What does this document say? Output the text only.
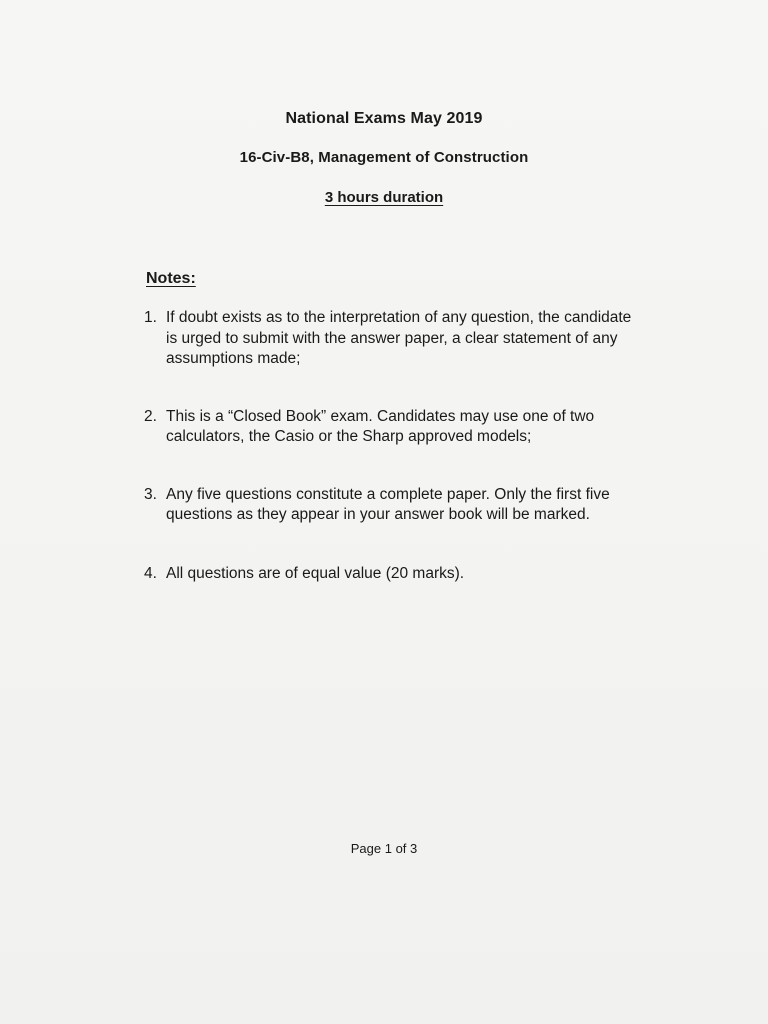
National Exams May 2019
16-Civ-B8, Management of Construction
3 hours duration
Notes:
1. If doubt exists as to the interpretation of any question, the candidate is urged to submit with the answer paper, a clear statement of any assumptions made;
2. This is a “Closed Book” exam. Candidates may use one of two calculators, the Casio or the Sharp approved models;
3. Any five questions constitute a complete paper. Only the first five questions as they appear in your answer book will be marked.
4. All questions are of equal value (20 marks).
Page 1 of 3
